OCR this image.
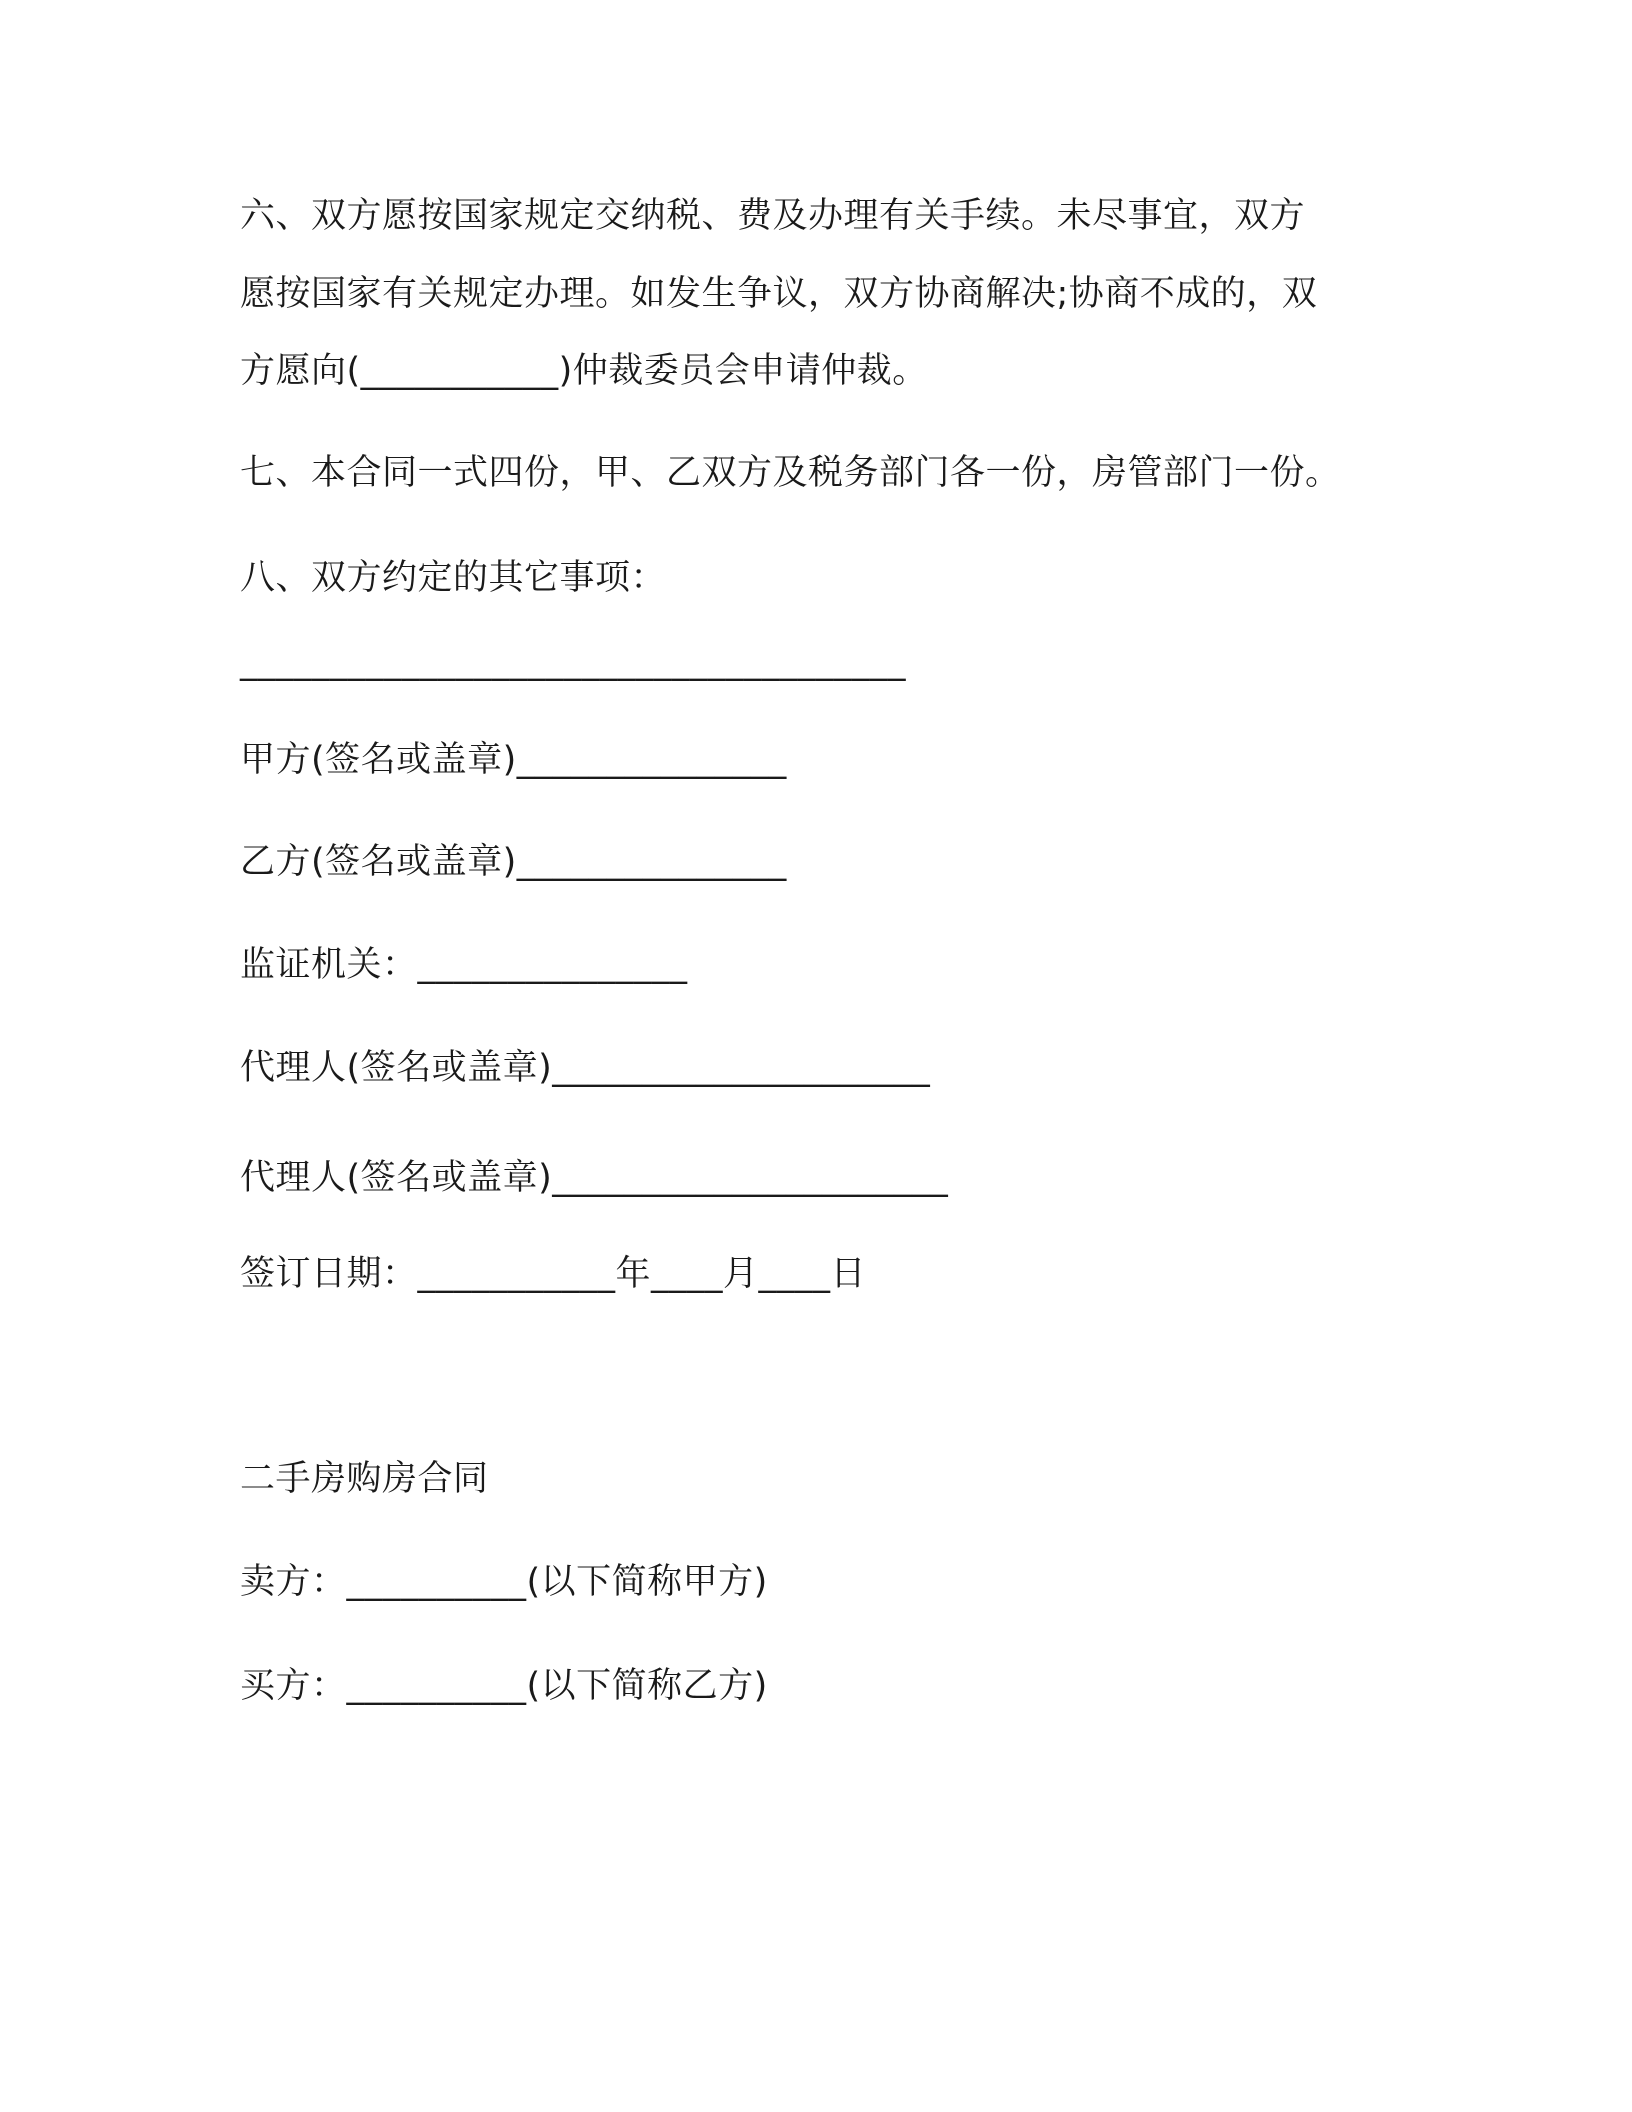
六、双方愿按国家规定交纳税、费及办理有关手续。未尽事宜，双方
愿按国家有关规定办理。如发生争议，双方协商解决;协商不成的，双
方愿向(___________)仲裁委员会申请仲裁。
七、本合同一式四份，甲、乙双方及税务部门各一份，房管部门一份。
八、双方约定的其它事项：
_____________________________________
甲方(签名或盖章)_______________
乙方(签名或盖章)_______________
监证机关：_______________
代理人(签名或盖章)_____________________
代理人(签名或盖章)______________________
签订日期：___________年____月____日
二手房购房合同
卖方：__________(以下简称甲方)
买方：__________(以下简称乙方)
